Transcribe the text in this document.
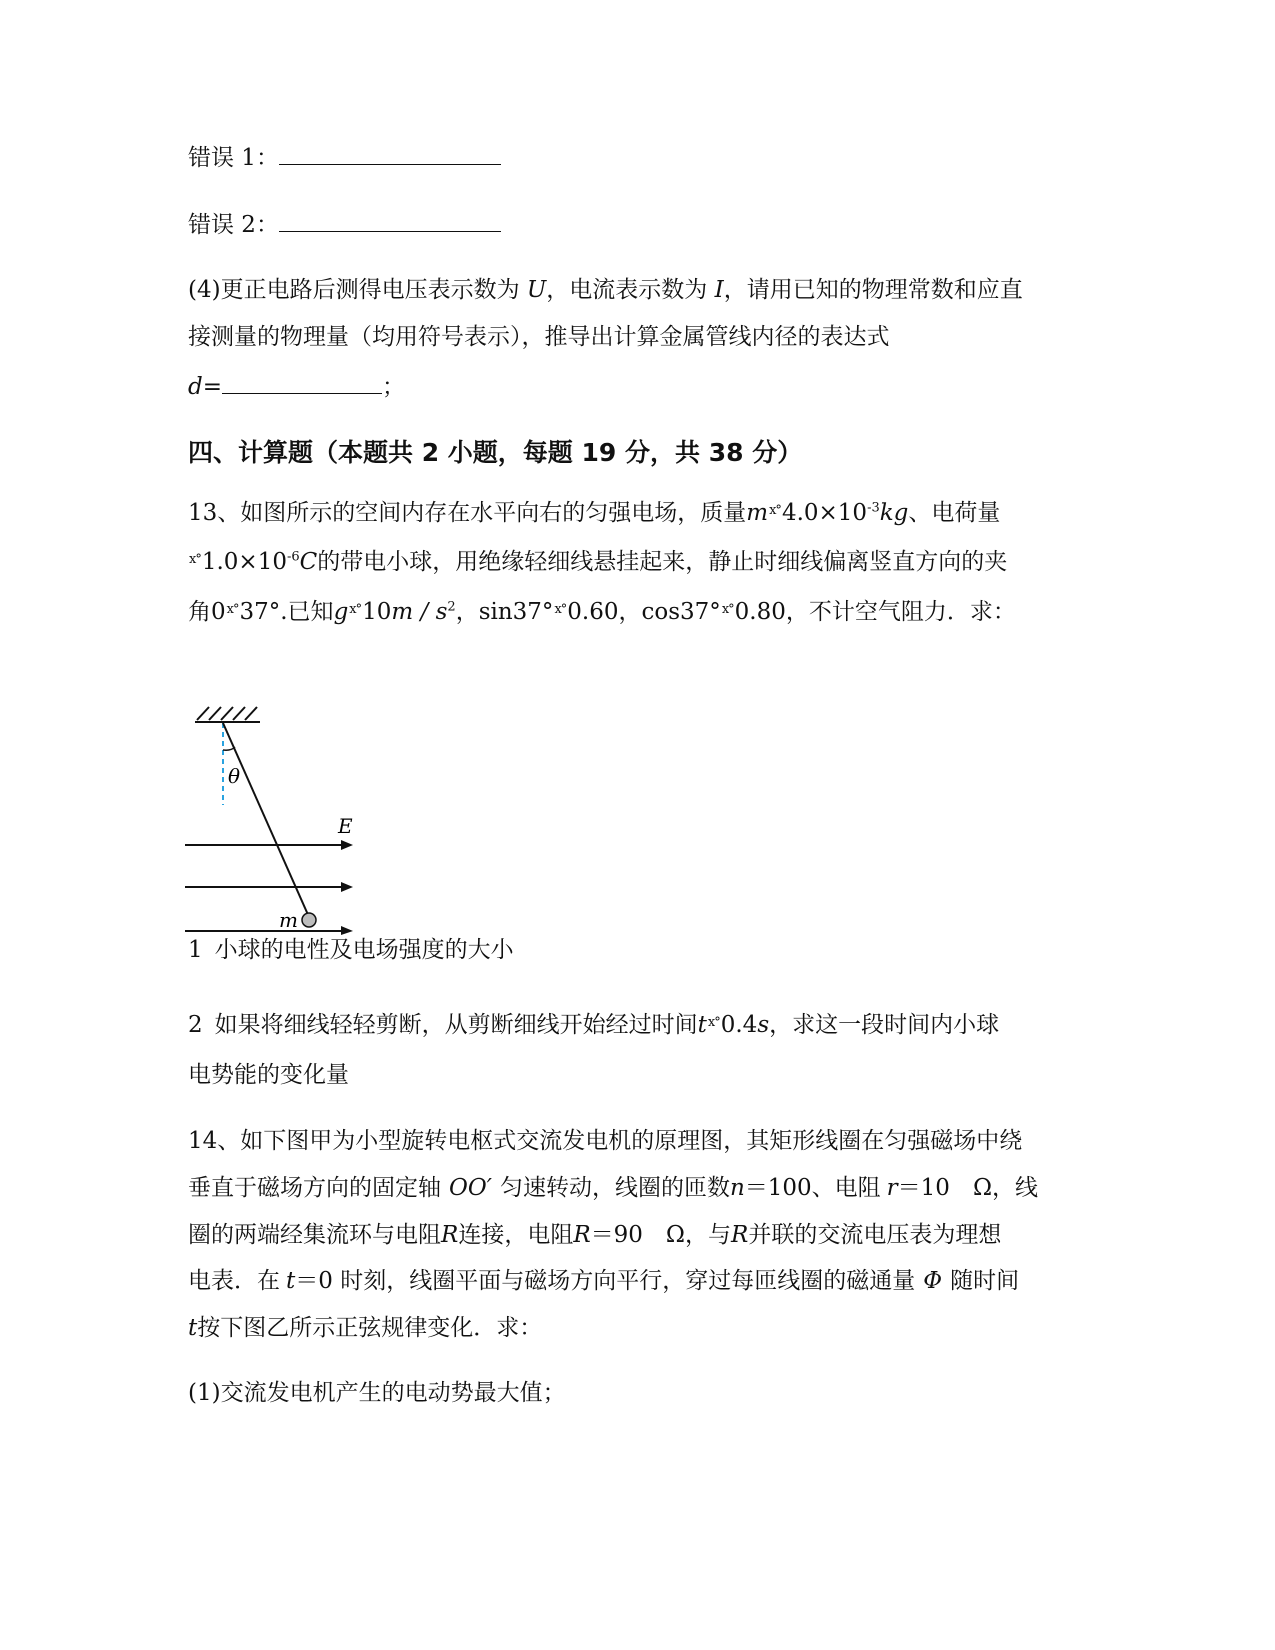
错误 1：
错误 2：
(4)更正电路后测得电压表示数为 U，电流表示数为 I，请用已知的物理常数和应直
接测量的物理量（均用符号表示），推导出计算金属管线内径的表达式
d=	；
四、计算题（本题共 2 小题，每题 19 分，共 38 分）
13、如图所示的空间内存在水平向右的匀强电场，质量$m^{x^\circ}4.0\times 10^{-3}kg$、电荷量
$^{x^\circ}1.0\times 10^{-6}C$的带电小球，用绝缘轻细线悬挂起来，静止时细线偏离竖直方向的夹
角$0^{x^\circ}37^\circ$.已知$g^{x^\circ}10m / s^2$，sin37°$^{x^\circ}$0.60，cos37°$^{x^\circ}$0.80，不计空气阻力．求：
θ
E
m
1 小球的电性及电场强度的大小
2 如果将细线轻轻剪断，从剪断细线开始经过时间$t^{x^\circ}0.4s$，求这一段时间内小球
电势能的变化量
14、如下图甲为小型旋转电枢式交流发电机的原理图，其矩形线圈在匀强磁场中绕
垂直于磁场方向的固定轴 OO′ 匀速转动，线圈的匝数n＝100、电阻 r＝10　Ω，线
圈的两端经集流环与电阻R连接，电阻R＝90　Ω，与R并联的交流电压表为理想
电表．在 t＝0 时刻，线圈平面与磁场方向平行，穿过每匝线圈的磁通量 Φ 随时间
t按下图乙所示正弦规律变化．求：
(1)交流发电机产生的电动势最大值；
